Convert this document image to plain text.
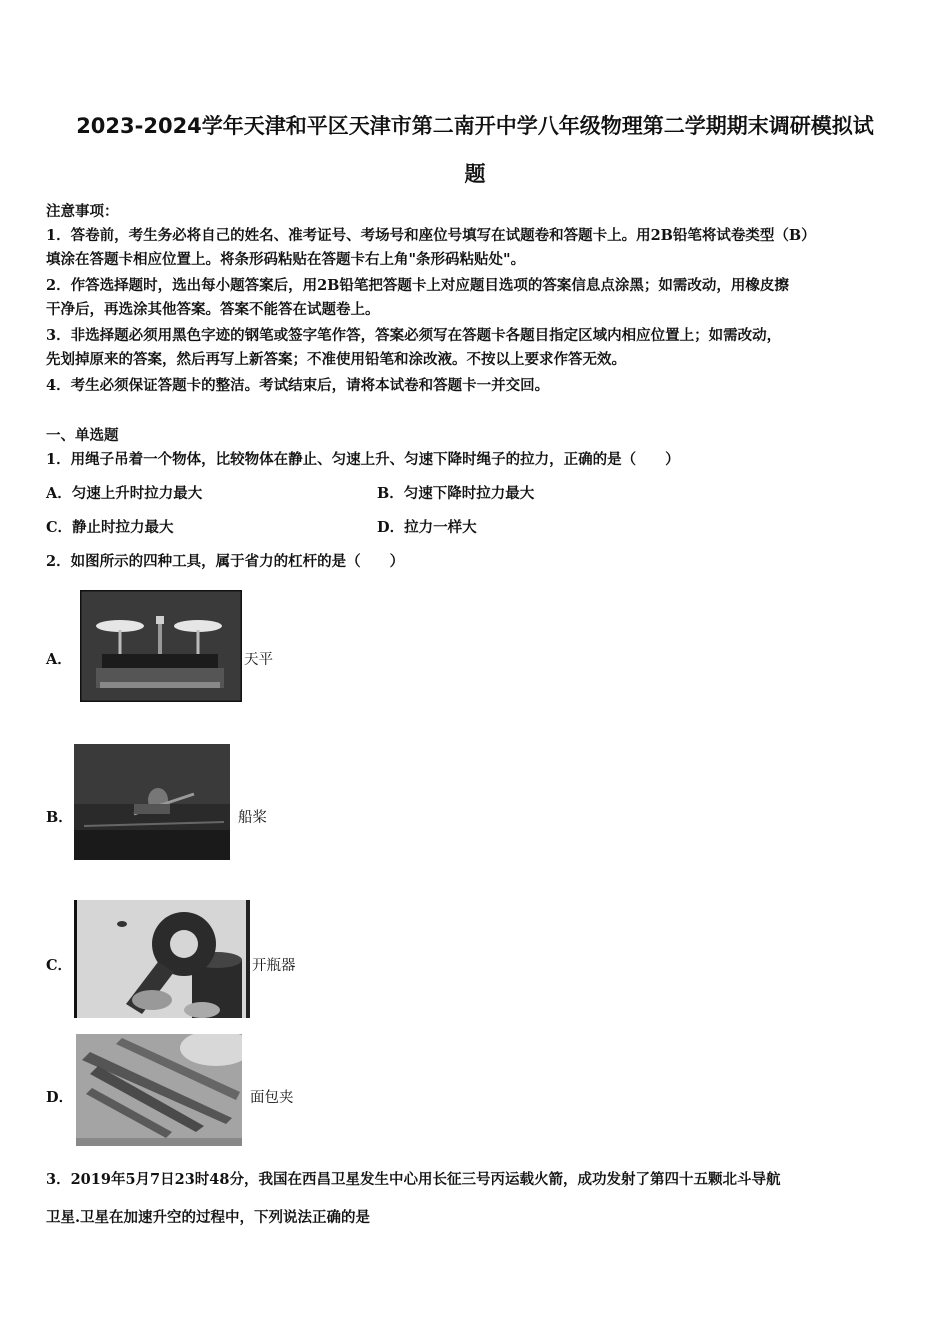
2023-2024学年天津和平区天津市第二南开中学八年级物理第二学期期末调研模拟试
题
注意事项：
1．答卷前，考生务必将自己的姓名、准考证号、考场号和座位号填写在试题卷和答题卡上。用2B铅笔将试卷类型（B）
填涂在答题卡相应位置上。将条形码粘贴在答题卡右上角"条形码粘贴处"。
2．作答选择题时，选出每小题答案后，用2B铅笔把答题卡上对应题目选项的答案信息点涂黑；如需改动，用橡皮擦
干净后，再选涂其他答案。答案不能答在试题卷上。
3．非选择题必须用黑色字迹的钢笔或签字笔作答，答案必须写在答题卡各题目指定区域内相应位置上；如需改动，
先划掉原来的答案，然后再写上新答案；不准使用铅笔和涂改液。不按以上要求作答无效。
4．考生必须保证答题卡的整洁。考试结束后，请将本试卷和答题卡一并交回。
一、单选题
1．用绳子吊着一个物体，比较物体在静止、匀速上升、匀速下降时绳子的拉力，正确的是（　　）
A．匀速上升时拉力最大	B．匀速下降时拉力最大
C．静止时拉力最大	D．拉力一样大
2．如图所示的四种工具，属于省力的杠杆的是（　　）
A．	天平
B．	船桨
C．	开瓶器
D．	面包夹
3．2019年5月7日23时48分，我国在西昌卫星发生中心用长征三号丙运载火箭，成功发射了第四十五颗北斗导航
卫星.卫星在加速升空的过程中，下列说法正确的是
